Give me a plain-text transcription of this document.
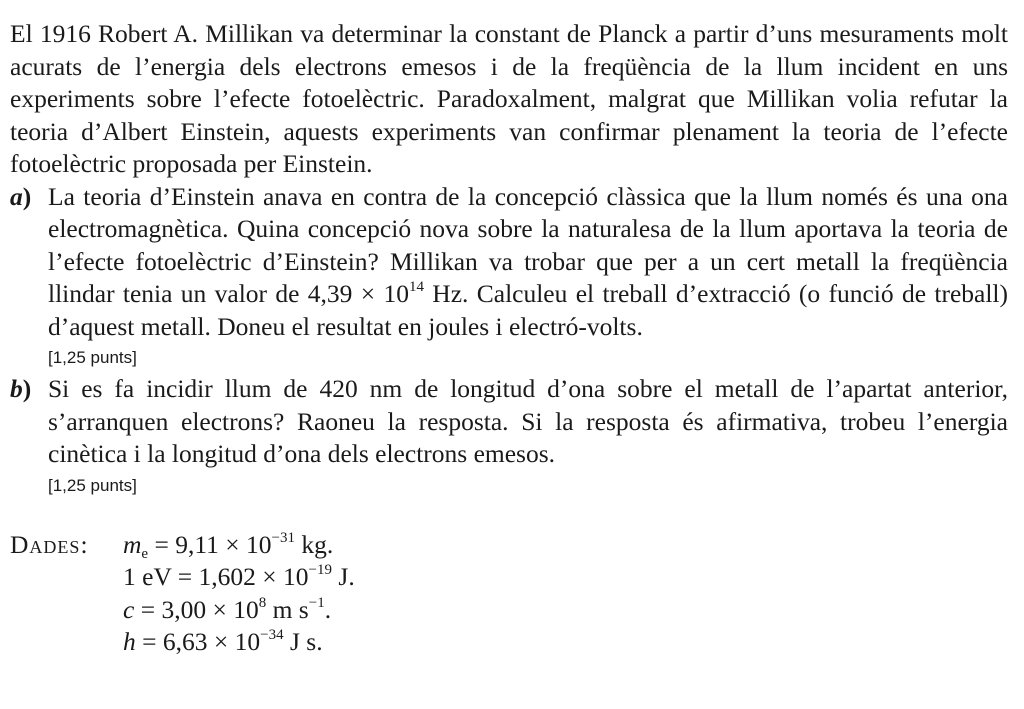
El 1916 Robert A. Millikan va determinar la constant de Planck a partir d’uns mesuraments molt acurats de l’energia dels electrons emesos i de la freqüència de la llum incident en uns experiments sobre l’efecte fotoelèctric. Paradoxalment, malgrat que Millikan volia refutar la teoria d’Albert Einstein, aquests experiments van confirmar plenament la teoria de l’efecte fotoelèctric proposada per Einstein.

a) La teoria d’Einstein anava en contra de la concepció clàssica que la llum només és una ona electromagnètica. Quina concepció nova sobre la naturalesa de la llum aportava la teoria de l’efecte fotoelèctric d’Einstein? Millikan va trobar que per a un cert metall la freqüència llindar tenia un valor de $4,39 \times 10^{14}$ Hz. Calculeu el treball d’extracció (o funció de treball) d’aquest metall. Doneu el resultat en joules i electró-volts.

[1,25 punts]

b) Si es fa incidir llum de 420 nm de longitud d’ona sobre el metall de l’apartat anterior, s’arranquen electrons? Raoneu la resposta. Si la resposta és afirmativa, trobeu l’energia cinètica i la longitud d’ona dels electrons emesos.

[1,25 punts]

Dades:	$m_e = 9,11 \times 10^{-31}$ kg.
1 eV = $1,602 \times 10^{-19}$ J.
$c = 3,00 \times 10^8$ m $s^{-1}$.
$h = 6,63 \times 10^{-34}$ J s.
